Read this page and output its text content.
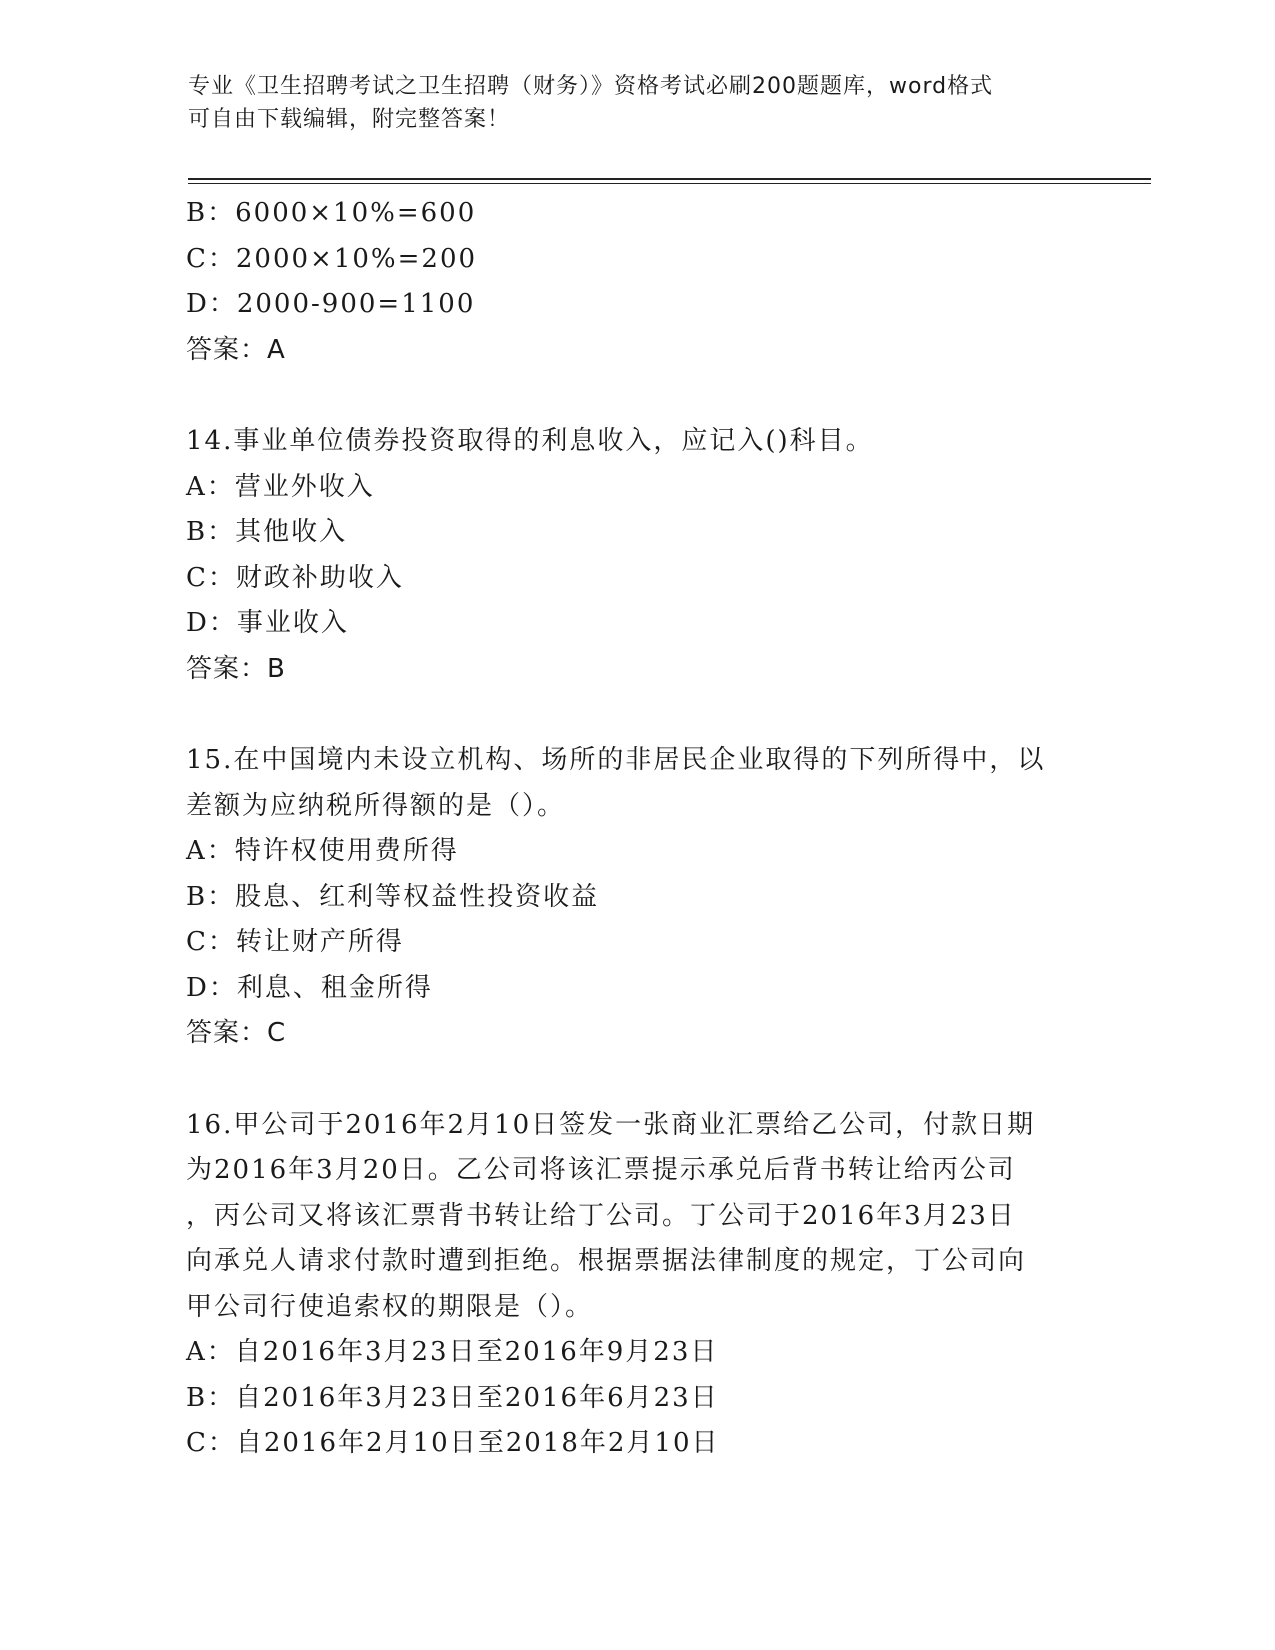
专业《卫生招聘考试之卫生招聘（财务）》资格考试必刷200题题库，word格式
可自由下载编辑，附完整答案！
B：6000×10%=600
C：2000×10%=200
D：2000-900=1100
答案：A
14.事业单位债券投资取得的利息收入，应记入()科目。
A：营业外收入
B：其他收入
C：财政补助收入
D：事业收入
答案：B
15.在中国境内未设立机构、场所的非居民企业取得的下列所得中，以
差额为应纳税所得额的是（）。
A：特许权使用费所得
B：股息、红利等权益性投资收益
C：转让财产所得
D：利息、租金所得
答案：C
16.甲公司于2016年2月10日签发一张商业汇票给乙公司，付款日期
为2016年3月20日。乙公司将该汇票提示承兑后背书转让给丙公司
，丙公司又将该汇票背书转让给丁公司。丁公司于2016年3月23日
向承兑人请求付款时遭到拒绝。根据票据法律制度的规定，丁公司向
甲公司行使追索权的期限是（）。
A：自2016年3月23日至2016年9月23日
B：自2016年3月23日至2016年6月23日
C：自2016年2月10日至2018年2月10日
